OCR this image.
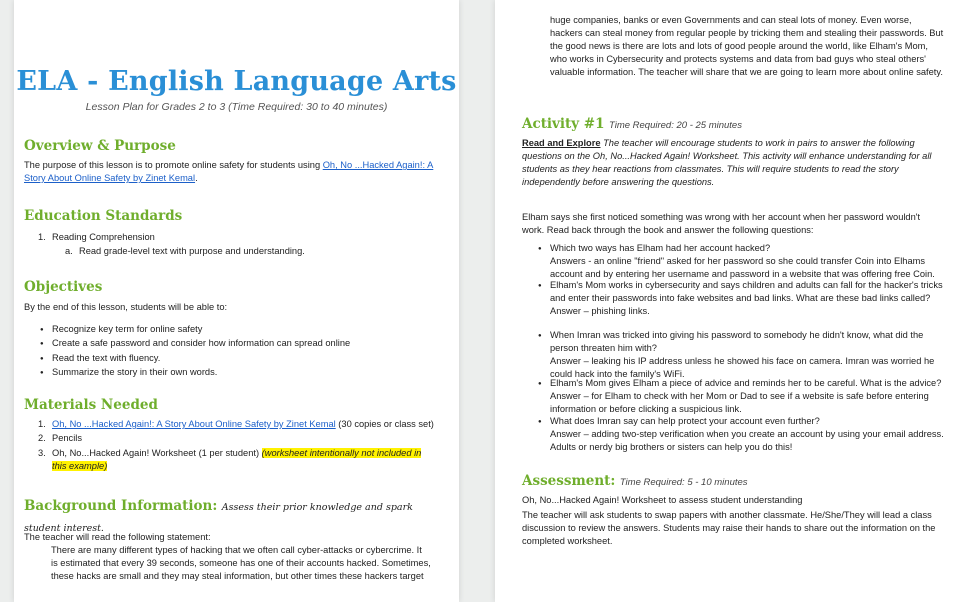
ELA - English Language Arts
Lesson Plan for Grades 2 to 3 (Time Required: 30 to 40 minutes)
Overview & Purpose
The purpose of this lesson is to promote online safety for students using Oh, No ...Hacked Again!: A Story About Online Safety by Zinet Kemal.
Education Standards
1. Reading Comprehension
a. Read grade-level text with purpose and understanding.
Objectives
By the end of this lesson, students will be able to:
● Recognize key term for online safety
● Create a safe password and consider how information can spread online
● Read the text with fluency.
● Summarize the story in their own words.
Materials Needed
1. Oh, No ...Hacked Again!: A Story About Online Safety by Zinet Kemal (30 copies or class set)
2. Pencils
3. Oh, No...Hacked Again! Worksheet (1 per student) (worksheet intentionally not included in this example)
Background Information: Assess their prior knowledge and spark student interest.
The teacher will read the following statement:
There are many different types of hacking that we often call cyber-attacks or cybercrime. It is estimated that every 39 seconds, someone has one of their accounts hacked. Sometimes, these hacks are small and they may steal information, but other times these hackers target
huge companies, banks or even Governments and can steal lots of money. Even worse, hackers can steal money from regular people by tricking them and stealing their passwords. But the good news is there are lots and lots of good people around the world, like Elham's Mom, who works in Cybersecurity and protects systems and data from bad guys who steal others' valuable information. The teacher will share that we are going to learn more about online safety.
Activity #1 Time Required: 20 - 25 minutes
Read and Explore The teacher will encourage students to work in pairs to answer the following questions on the Oh, No...Hacked Again! Worksheet. This activity will enhance understanding for all students as they hear reactions from classmates. This will require students to read the story independently before answering the questions.
Elham says she first noticed something was wrong with her account when her password wouldn't work. Read back through the book and answer the following questions:
● Which two ways has Elham had her account hacked?
Answers - an online "friend" asked for her password so she could transfer Coin into Elhams account and by entering her username and password in a website that was offering free Coin.
● Elham's Mom works in cybersecurity and says children and adults can fall for the hacker's tricks and enter their passwords into fake websites and bad links. What are these bad links called?
Answer – phishing links.
● When Imran was tricked into giving his password to somebody he didn't know, what did the person threaten him with?
Answer – leaking his IP address unless he showed his face on camera. Imran was worried he could hack into the family's WiFi.
● Elham's Mom gives Elham a piece of advice and reminds her to be careful. What is the advice?
Answer – for Elham to check with her Mom or Dad to see if a website is safe before entering information or before clicking a suspicious link.
● What does Imran say can help protect your account even further?
Answer – adding two-step verification when you create an account by using your email address. Adults or nerdy big brothers or sisters can help you do this!
Assessment: Time Required: 5 - 10 minutes
Oh, No...Hacked Again! Worksheet to assess student understanding
The teacher will ask students to swap papers with another classmate. He/She/They will lead a class discussion to review the answers. Students may raise their hands to share out the information on the completed worksheet.
